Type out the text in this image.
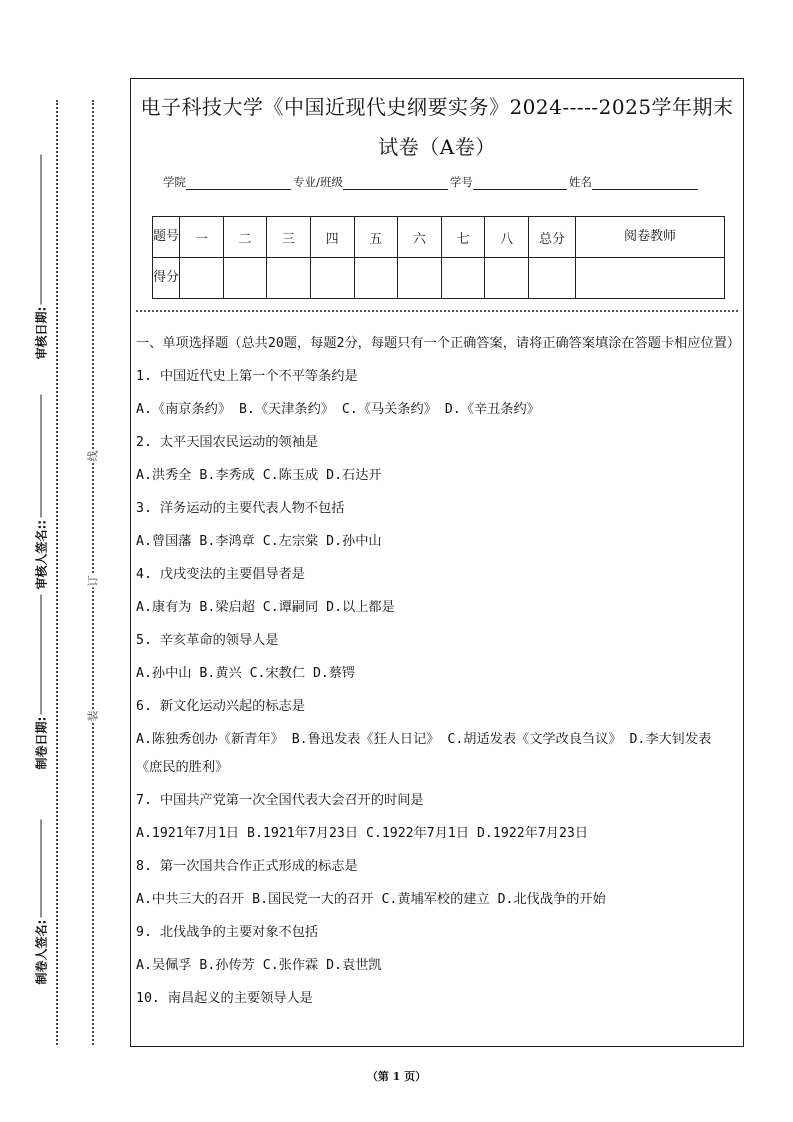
制卷人签名:
制卷日期:
审核人签名::
审核日期:
装
订
线
电子科技大学《中国近现代史纲要实务》2024-----2025学年期末
试卷（A卷）
学院	专业/班级	学号	姓名
题号	一	二	三	四	五	六	七	八	总分	阅卷教师
得分										

一、单项选择题（总共20题，每题2分，每题只有一个正确答案，请将正确答案填涂在答题卡相应位置）

1. 中国近代史上第一个不平等条约是

A.《南京条约》 B.《天津条约》 C.《马关条约》 D.《辛丑条约》

2. 太平天国农民运动的领袖是

A.洪秀全 B.李秀成 C.陈玉成 D.石达开

3. 洋务运动的主要代表人物不包括

A.曾国藩 B.李鸿章 C.左宗棠 D.孙中山

4. 戊戌变法的主要倡导者是

A.康有为 B.梁启超 C.谭嗣同 D.以上都是

5. 辛亥革命的领导人是

A.孙中山 B.黄兴 C.宋教仁 D.蔡锷

6. 新文化运动兴起的标志是

A.陈独秀创办《新青年》 B.鲁迅发表《狂人日记》 C.胡适发表《文学改良刍议》 D.李大钊发表《庶民的胜利》

7. 中国共产党第一次全国代表大会召开的时间是

A.1921年7月1日 B.1921年7月23日 C.1922年7月1日 D.1922年7月23日

8. 第一次国共合作正式形成的标志是

A.中共三大的召开 B.国民党一大的召开 C.黄埔军校的建立 D.北伐战争的开始

9. 北伐战争的主要对象不包括

A.吴佩孚 B.孙传芳 C.张作霖 D.袁世凯

10. 南昌起义的主要领导人是

（第 1 页）
